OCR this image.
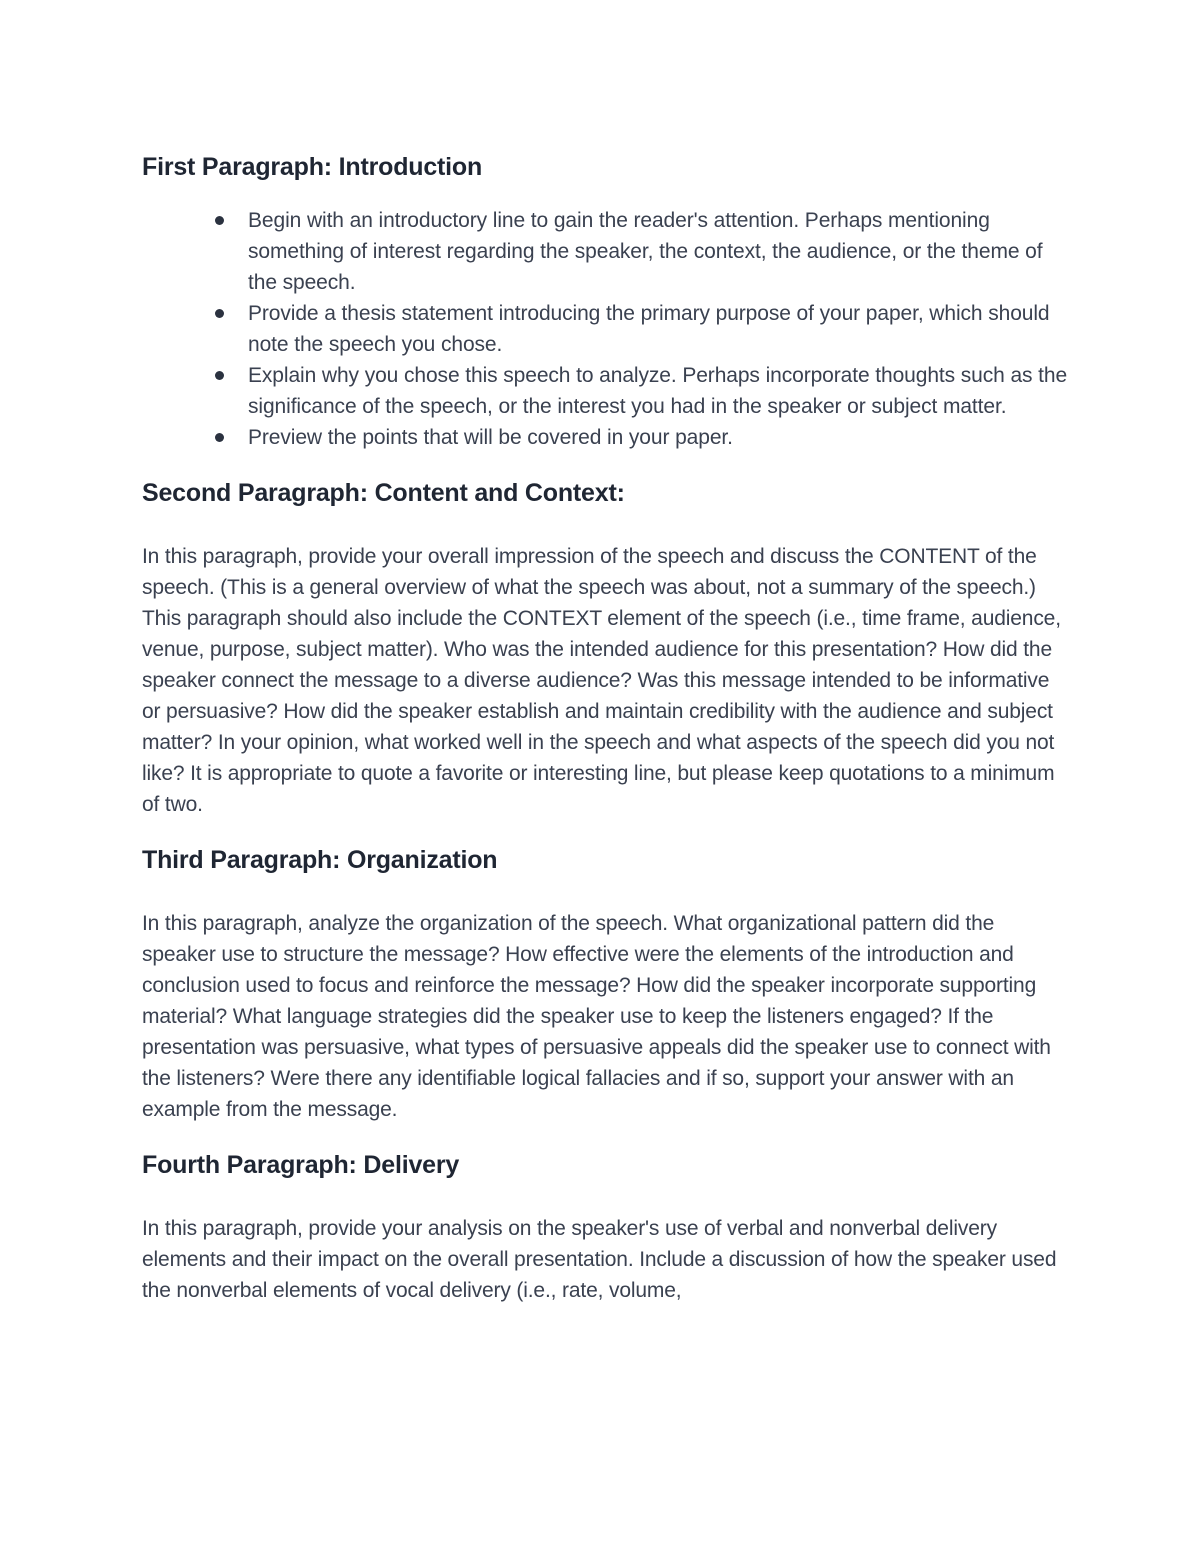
First Paragraph: Introduction
Begin with an introductory line to gain the reader's attention. Perhaps mentioning something of interest regarding the speaker, the context, the audience, or the theme of the speech.
Provide a thesis statement introducing the primary purpose of your paper, which should note the speech you chose.
Explain why you chose this speech to analyze. Perhaps incorporate thoughts such as the significance of the speech, or the interest you had in the speaker or subject matter.
Preview the points that will be covered in your paper.
Second Paragraph: Content and Context:

In this paragraph, provide your overall impression of the speech and discuss the CONTENT of the speech. (This is a general overview of what the speech was about, not a summary of the speech.) This paragraph should also include the CONTEXT element of the speech (i.e., time frame, audience, venue, purpose, subject matter). Who was the intended audience for this presentation? How did the speaker connect the message to a diverse audience? Was this message intended to be informative or persuasive? How did the speaker establish and maintain credibility with the audience and subject matter? In your opinion, what worked well in the speech and what aspects of the speech did you not like? It is appropriate to quote a favorite or interesting line, but please keep quotations to a minimum of two.

Third Paragraph: Organization

In this paragraph, analyze the organization of the speech. What organizational pattern did the speaker use to structure the message? How effective were the elements of the introduction and conclusion used to focus and reinforce the message? How did the speaker incorporate supporting material? What language strategies did the speaker use to keep the listeners engaged? If the presentation was persuasive, what types of persuasive appeals did the speaker use to connect with the listeners? Were there any identifiable logical fallacies and if so, support your answer with an example from the message.

Fourth Paragraph: Delivery

In this paragraph, provide your analysis on the speaker's use of verbal and nonverbal delivery elements and their impact on the overall presentation. Include a discussion of how the speaker used the nonverbal elements of vocal delivery (i.e., rate, volume,
